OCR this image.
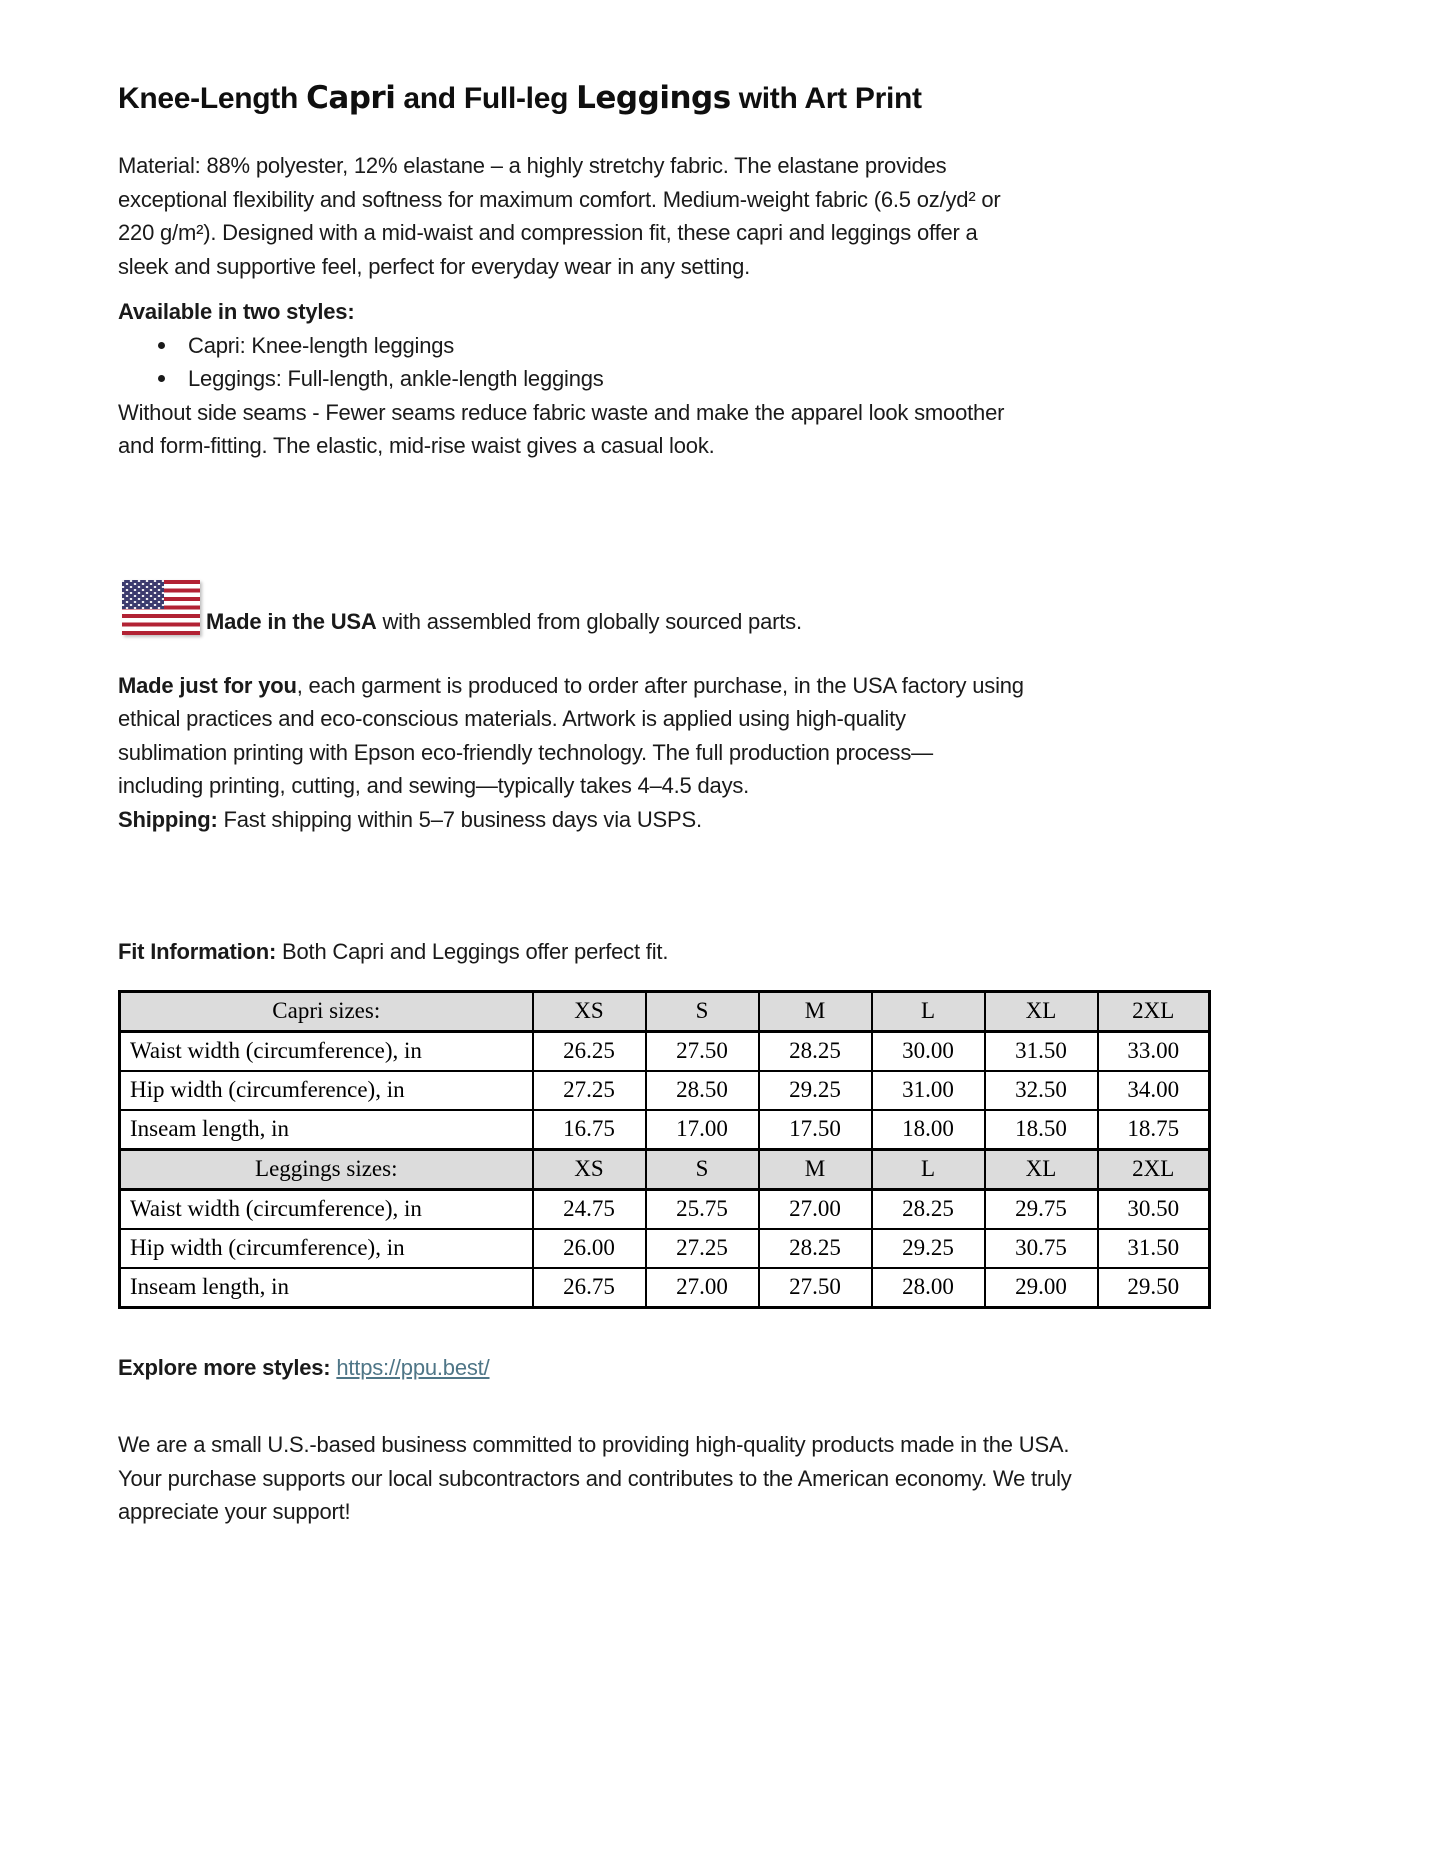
Knee-Length Capri and Full-leg Leggings with Art Print
Material: 88% polyester, 12% elastane – a highly stretchy fabric. The elastane provides
exceptional flexibility and softness for maximum comfort. Medium-weight fabric (6.5 oz/yd² or
220 g/m²). Designed with a mid-waist and compression fit, these capri and leggings offer a
sleek and supportive feel, perfect for everyday wear in any setting.
Available in two styles:
Capri: Knee-length leggings
Leggings: Full-length, ankle-length leggings
Without side seams - Fewer seams reduce fabric waste and make the apparel look smoother
and form-fitting. The elastic, mid-rise waist gives a casual look.
Made in the USA with assembled from globally sourced parts.
Made just for you, each garment is produced to order after purchase, in the USA factory using
ethical practices and eco-conscious materials. Artwork is applied using high-quality
sublimation printing with Epson eco-friendly technology. The full production process—
including printing, cutting, and sewing—typically takes 4–4.5 days.
Shipping: Fast shipping within 5–7 business days via USPS.
Fit Information: Both Capri and Leggings offer perfect fit.
Capri sizes:	XS	S	M	L	XL	2XL
Waist width (circumference), in	26.25	27.50	28.25	30.00	31.50	33.00
Hip width (circumference), in	27.25	28.50	29.25	31.00	32.50	34.00
Inseam length, in	16.75	17.00	17.50	18.00	18.50	18.75
Leggings sizes:	XS	S	M	L	XL	2XL
Waist width (circumference), in	24.75	25.75	27.00	28.25	29.75	30.50
Hip width (circumference), in	26.00	27.25	28.25	29.25	30.75	31.50
Inseam length, in	26.75	27.00	27.50	28.00	29.00	29.50
Explore more styles: https://ppu.best/
We are a small U.S.-based business committed to providing high-quality products made in the USA.
Your purchase supports our local subcontractors and contributes to the American economy. We truly
appreciate your support!
